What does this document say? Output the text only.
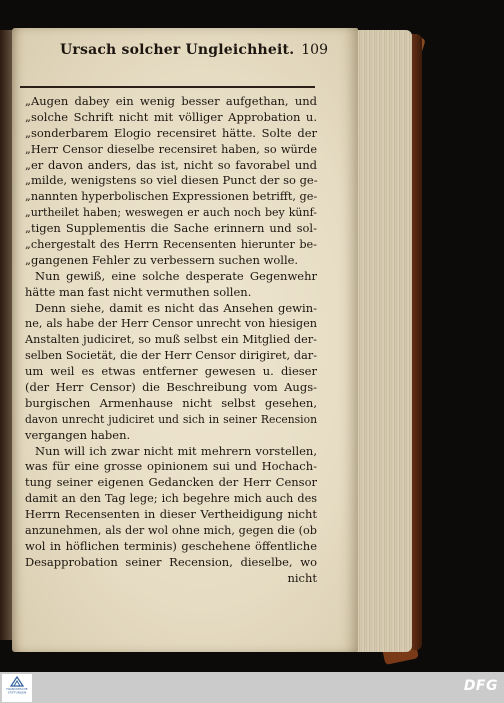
Ursach solcher Ungleichheit. 109
„Augen dabey ein wenig besser aufgethan, und
„solche Schrift nicht mit völliger Approbation u.
„sonderbarem Elogio recensiret hätte. Solte der
„Herr Censor dieselbe recensiret haben, so würde
„er davon anders, das ist, nicht so favorabel und
„milde, wenigstens so viel diesen Punct der so ge-
„nannten hyperbolischen Expressionen betrifft, ge-
„urtheilet haben; weswegen er auch noch bey künf-
„tigen Supplementis die Sache erinnern und sol-
„chergestalt des Herrn Recensenten hierunter be-
„gangenen Fehler zu verbessern suchen wolle.
Nun gewiß, eine solche desperate Gegenwehr
hätte man fast nicht vermuthen sollen.
Denn siehe, damit es nicht das Ansehen gewin-
ne, als habe der Herr Censor unrecht von hiesigen
Anstalten judiciret, so muß selbst ein Mitglied der-
selben Societät, die der Herr Censor dirigiret, dar-
um weil es etwas entferner gewesen u. dieser
(der Herr Censor) die Beschreibung vom Augs-
burgischen Armenhause nicht selbst gesehen,
davon unrecht judiciret und sich in seiner Recension
vergangen haben.
Nun will ich zwar nicht mit mehrern vorstellen,
was für eine grosse opinionem sui und Hochach-
tung seiner eigenen Gedancken der Herr Censor
damit an den Tag lege; ich begehre mich auch des
Herrn Recensenten in dieser Vertheidigung nicht
anzunehmen, als der wol ohne mich, gegen die (ob
wol in höflichen terminis) geschehene öffentliche
Desapprobation seiner Recension, dieselbe, wo
nicht
FRANCKESCHE STIFTUNGEN	DFG
